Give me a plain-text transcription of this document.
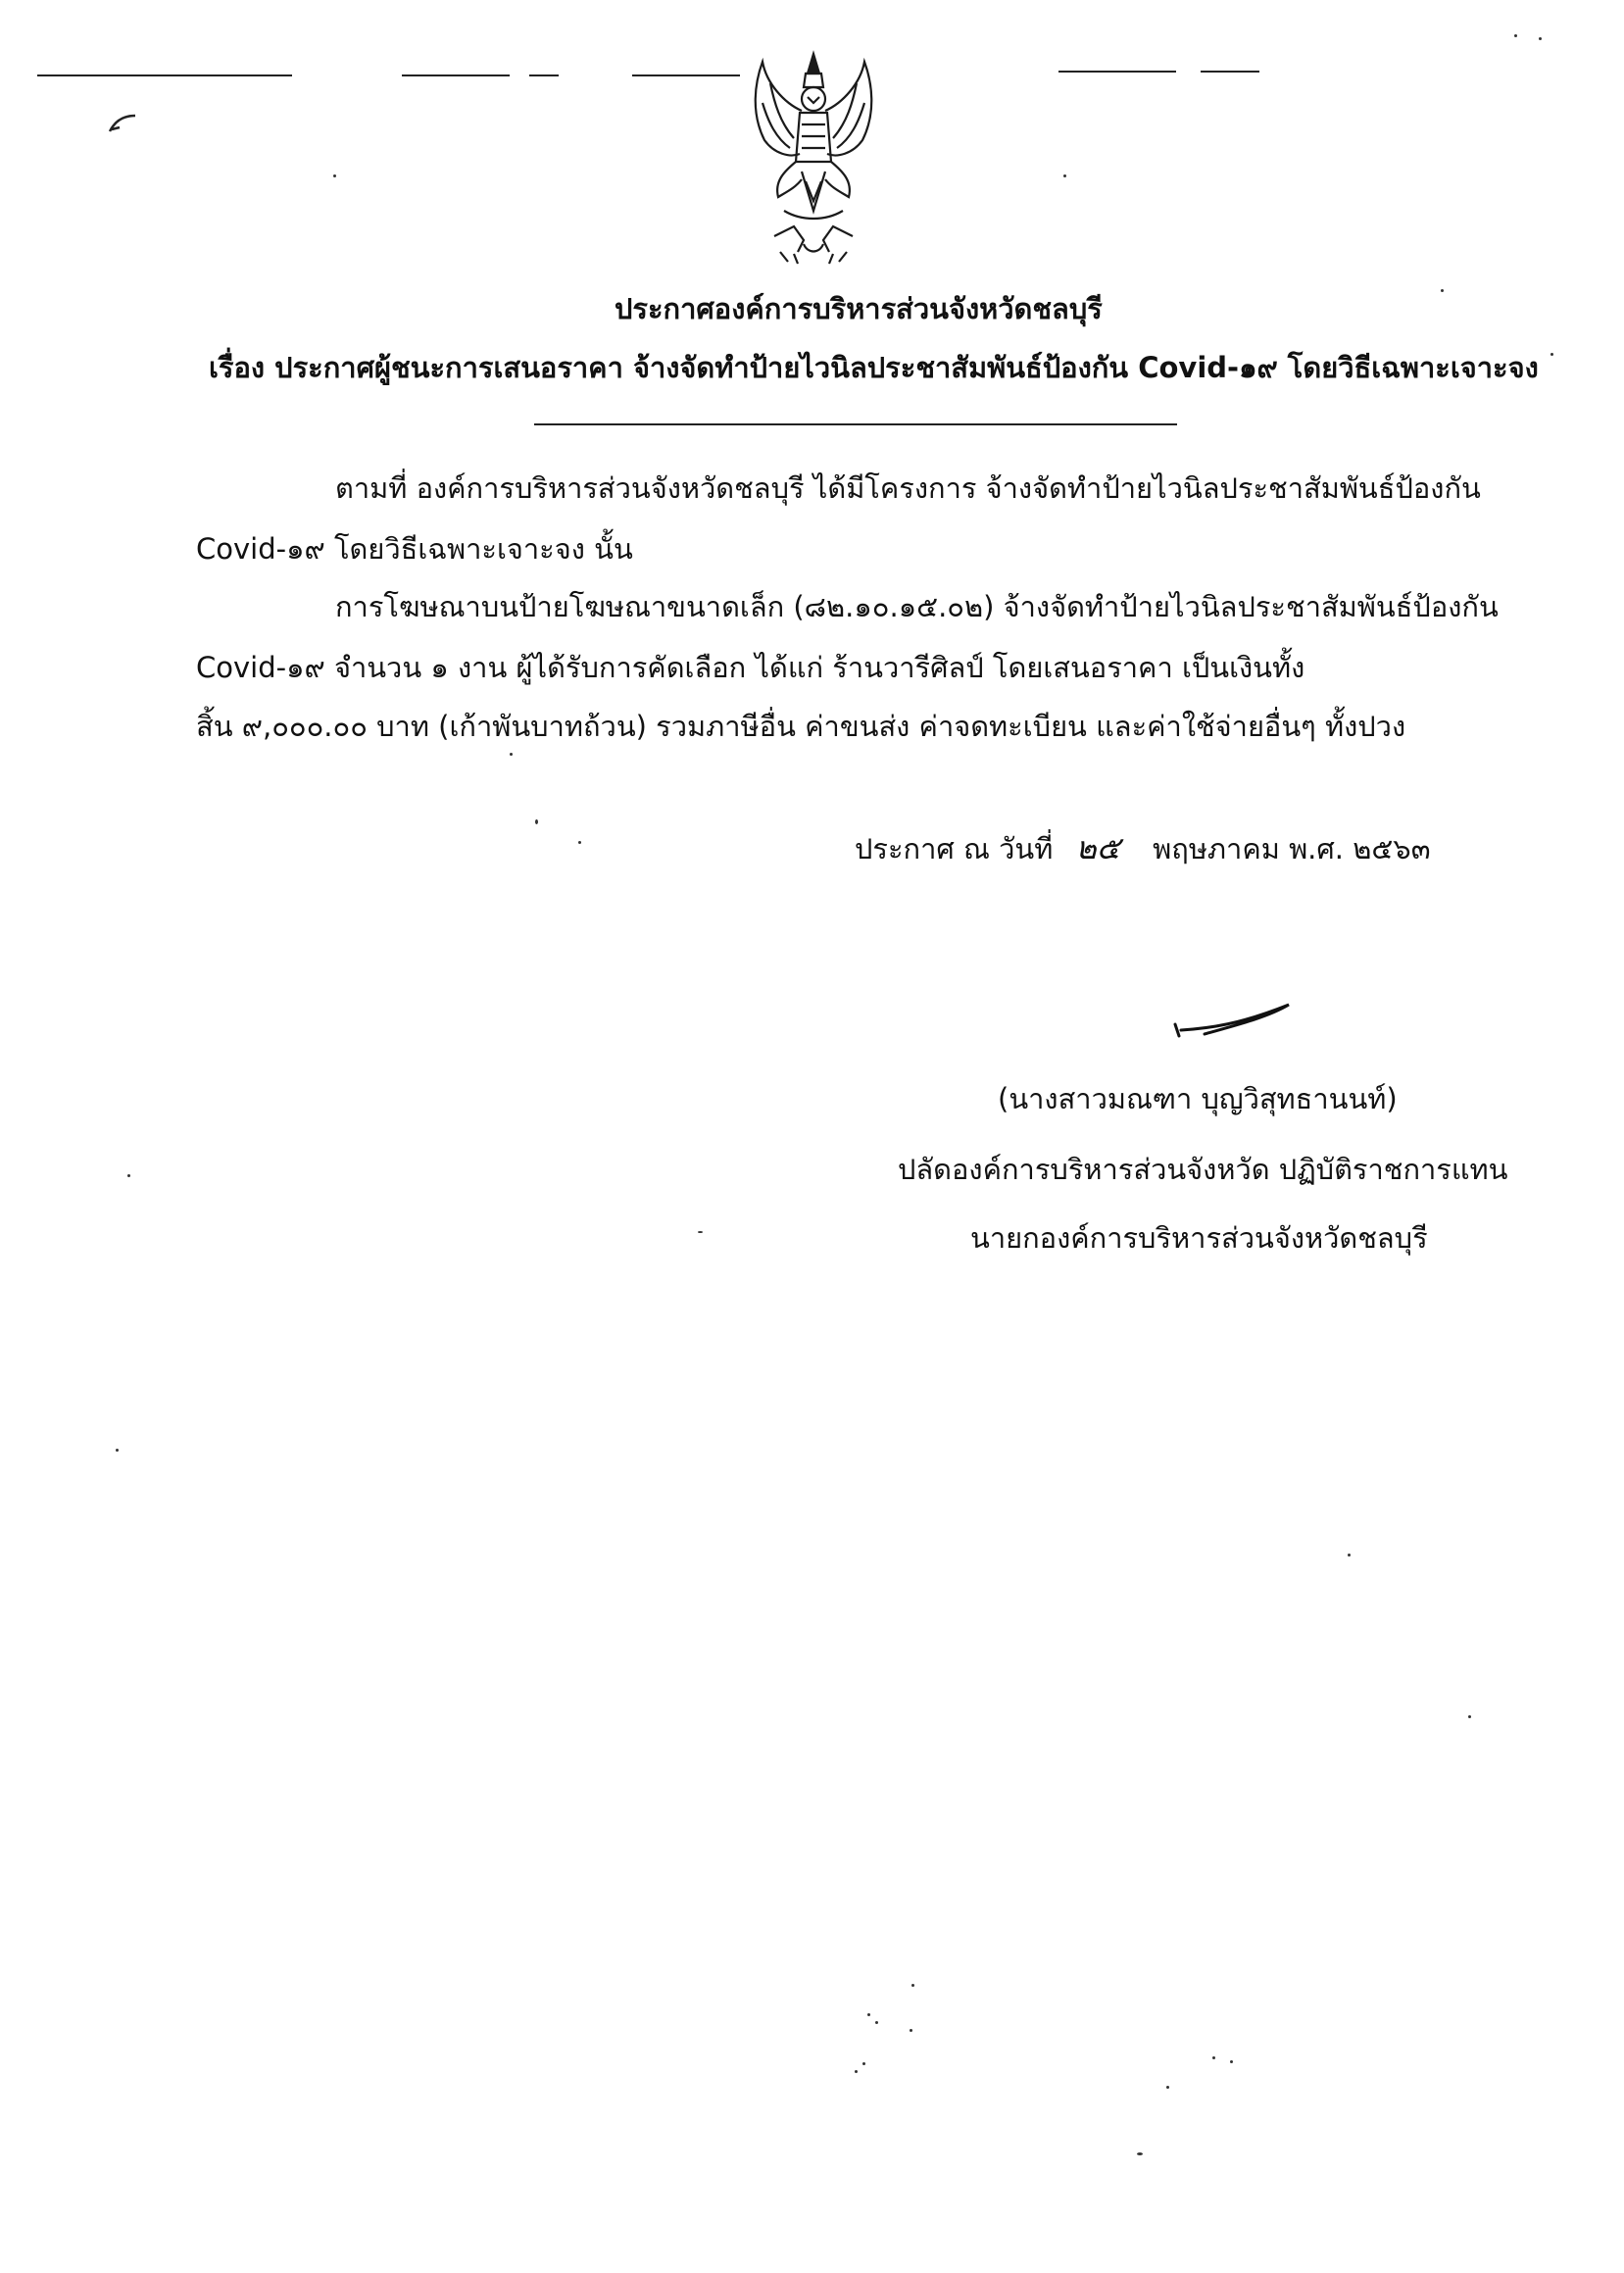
ประกาศองค์การบริหารส่วนจังหวัดชลบุรี
เรื่อง ประกาศผู้ชนะการเสนอราคา จ้างจัดทำป้ายไวนิลประชาสัมพันธ์ป้องกัน Covid-๑๙ โดยวิธีเฉพาะเจาะจง
ตามที่ องค์การบริหารส่วนจังหวัดชลบุรี ได้มีโครงการ จ้างจัดทำป้ายไวนิลประชาสัมพันธ์ป้องกัน
Covid-๑๙ โดยวิธีเฉพาะเจาะจง นั้น
การโฆษณาบนป้ายโฆษณาขนาดเล็ก (๘๒.๑๐.๑๕.๐๒) จ้างจัดทำป้ายไวนิลประชาสัมพันธ์ป้องกัน
Covid-๑๙ จำนวน ๑ งาน ผู้ได้รับการคัดเลือก ได้แก่ ร้านวารีศิลป์ โดยเสนอราคา เป็นเงินทั้ง
สิ้น ๙,๐๐๐.๐๐ บาท (เก้าพันบาทถ้วน) รวมภาษีอื่น ค่าขนส่ง ค่าจดทะเบียน และค่าใช้จ่ายอื่นๆ ทั้งปวง
ประกาศ ณ วันที่ ๒๕ พฤษภาคม พ.ศ. ๒๕๖๓
(นางสาวมณฑา บุญวิสุทธานนท์)
ปลัดองค์การบริหารส่วนจังหวัด ปฏิบัติราชการแทน
นายกองค์การบริหารส่วนจังหวัดชลบุรี
